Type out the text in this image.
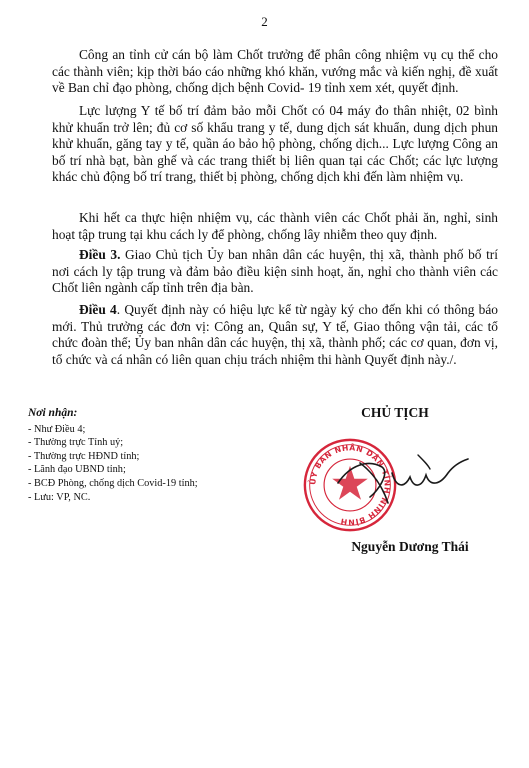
2

Công an tỉnh cử cán bộ làm Chốt trưởng để phân công nhiệm vụ cụ thể cho các thành viên; kịp thời báo cáo những khó khăn, vướng mắc và kiến nghị, đề xuất về Ban chỉ đạo phòng, chống dịch bệnh Covid- 19 tỉnh xem xét, quyết định.

Lực lượng Y tế bố trí đảm bảo mỗi Chốt có 04 máy đo thân nhiệt, 02 bình khử khuẩn trở lên; đủ cơ số khẩu trang y tế, dung dịch sát khuẩn, dung dịch phun khử khuẩn, găng tay y tế, quần áo bảo hộ phòng, chống dịch... Lực lượng Công an bố trí nhà bạt, bàn ghế và các trang thiết bị liên quan tại các Chốt; các lực lượng khác chủ động bố trí trang, thiết bị phòng, chống dịch khi đến làm nhiệm vụ.

Khi hết ca thực hiện nhiệm vụ, các thành viên các Chốt phải ăn, nghỉ, sinh hoạt tập trung tại khu cách ly để phòng, chống lây nhiễm theo quy định.

Điều 3. Giao Chủ tịch Ủy ban nhân dân các huyện, thị xã, thành phố bố trí nơi cách ly tập trung và đảm bảo điều kiện sinh hoạt, ăn, nghỉ cho thành viên các Chốt liên ngành cấp tỉnh trên địa bàn.

Điều 4. Quyết định này có hiệu lực kể từ ngày ký cho đến khi có thông báo mới. Thủ trưởng các đơn vị: Công an, Quân sự, Y tế, Giao thông vận tải, các tổ chức đoàn thể; Ủy ban nhân dân các huyện, thị xã, thành phố; các cơ quan, đơn vị, tổ chức và cá nhân có liên quan chịu trách nhiệm thi hành Quyết định này./.

Nơi nhận:
- Như Điều 4;
- Thường trực Tỉnh uỷ;
- Thường trực HĐND tỉnh;
- Lãnh đạo UBND tỉnh;
- BCĐ Phòng, chống dịch Covid-19 tỉnh;
- Lưu: VP, NC.
CHỦ TỊCH
ỦY BAN NHÂN DÂN TỈNH NINH BÌNH
Nguyễn Dương Thái
